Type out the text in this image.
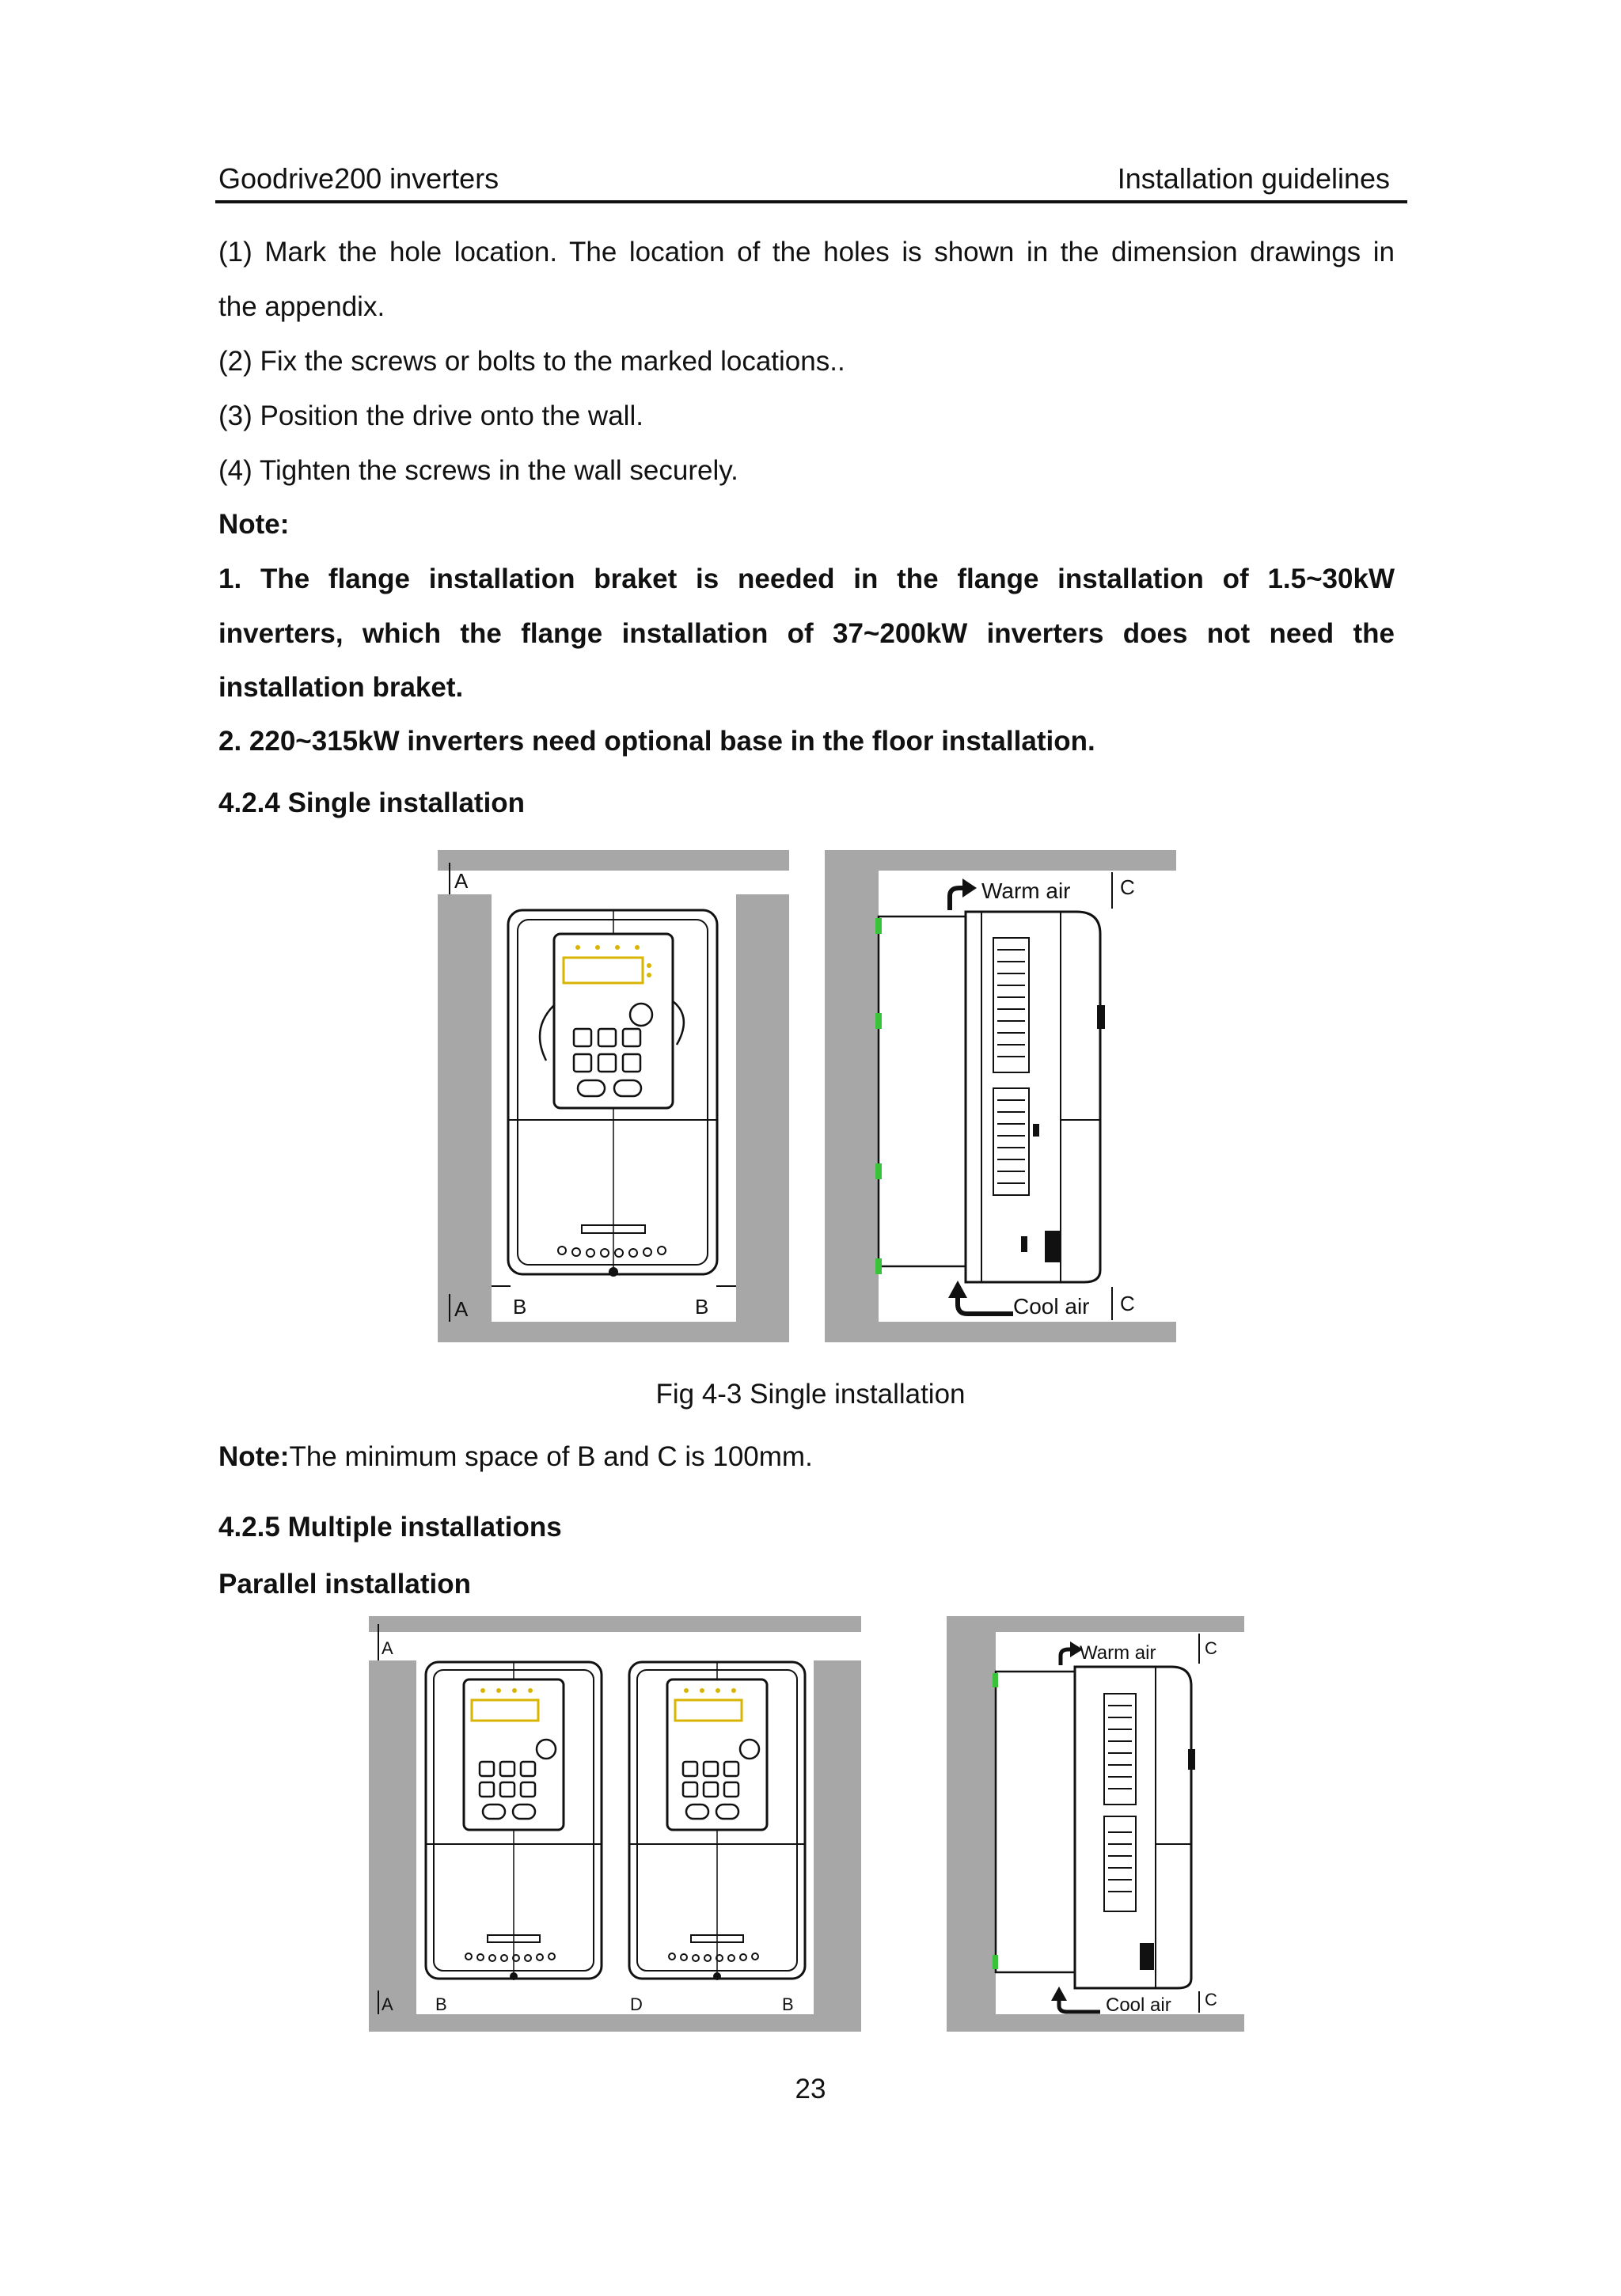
Goodrive200 inverters	Installation guidelines
(1) Mark the hole location. The location of the holes is shown in the dimension drawings in
the appendix.
(2) Fix the screws or bolts to the marked locations..
(3) Position the drive onto the wall.
(4) Tighten the screws in the wall securely.
Note:
1. The flange installation braket is needed in the flange installation of 1.5~30kW
inverters, which the flange installation of 37~200kW inverters does not need the
installation braket.
2. 220~315kW inverters need optional base in the floor installation.
4.2.4 Single installation
A
A B	B
Warm air
Cool air
C
C
Fig 4-3 Single installation
Note:The minimum space of B and C is 100mm.
4.2.5 Multiple installations
Parallel installation
A
A B	D	B
Warm air
Cool air
C
C
23
